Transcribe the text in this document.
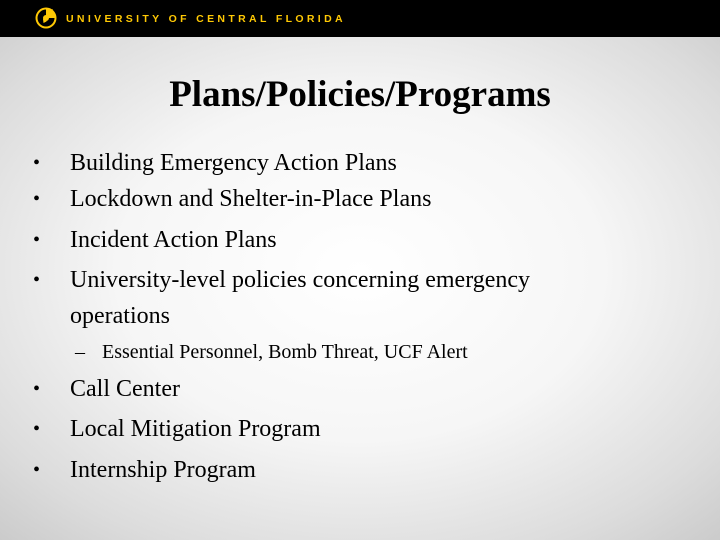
UNIVERSITY OF CENTRAL FLORIDA
Plans/Policies/Programs
• Building Emergency Action Plans
• Lockdown and Shelter-in-Place Plans
• Incident Action Plans
• University-level policies concerning emergency operations
– Essential Personnel, Bomb Threat, UCF Alert
• Call Center
• Local Mitigation Program
• Internship Program
